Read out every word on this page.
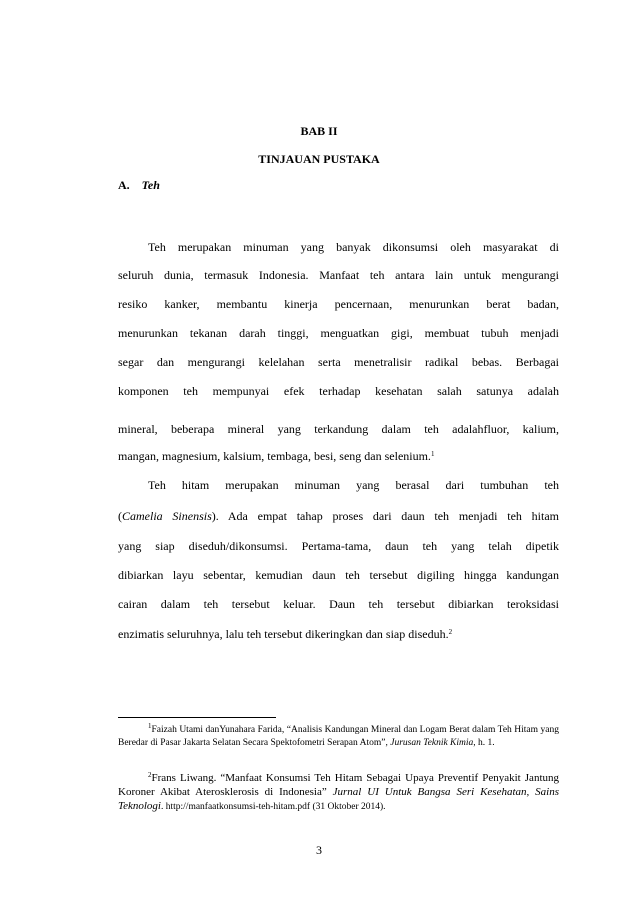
BAB II
TINJAUAN PUSTAKA
A. Teh
Teh merupakan minuman yang banyak dikonsumsi oleh masyarakat di
seluruh dunia, termasuk Indonesia. Manfaat teh antara lain untuk mengurangi
resiko kanker, membantu kinerja pencernaan, menurunkan berat badan,
menurunkan tekanan darah tinggi, menguatkan gigi, membuat tubuh menjadi
segar dan mengurangi kelelahan serta menetralisir radikal bebas. Berbagai
komponen teh mempunyai efek terhadap kesehatan salah satunya adalah
mineral, beberapa mineral yang terkandung dalam teh adalahfluor, kalium,
mangan, magnesium, kalsium, tembaga, besi, seng dan selenium.$^1$
Teh hitam merupakan minuman yang berasal dari tumbuhan teh
(Camelia Sinensis). Ada empat tahap proses dari daun teh menjadi teh hitam
yang siap diseduh/dikonsumsi. Pertama-tama, daun teh yang telah dipetik
dibiarkan layu sebentar, kemudian daun teh tersebut digiling hingga kandungan
cairan dalam teh tersebut keluar. Daun teh tersebut dibiarkan teroksidasi
enzimatis seluruhnya, lalu teh tersebut dikeringkan dan siap diseduh.$^2$
$^1$Faizah Utami danYunahara Farida, “Analisis Kandungan Mineral dan Logam Berat dalam Teh Hitam yang Beredar di Pasar Jakarta Selatan Secara Spektofometri Serapan Atom”, Jurusan Teknik Kimia, h. 1.
$^2$Frans Liwang. “Manfaat Konsumsi Teh Hitam Sebagai Upaya Preventif Penyakit Jantung Koroner Akibat Aterosklerosis di Indonesia” Jurnal UI Untuk Bangsa Seri Kesehatan, Sains Teknologi. http://manfaatkonsumsi-teh-hitam.pdf (31 Oktober 2014).
3
